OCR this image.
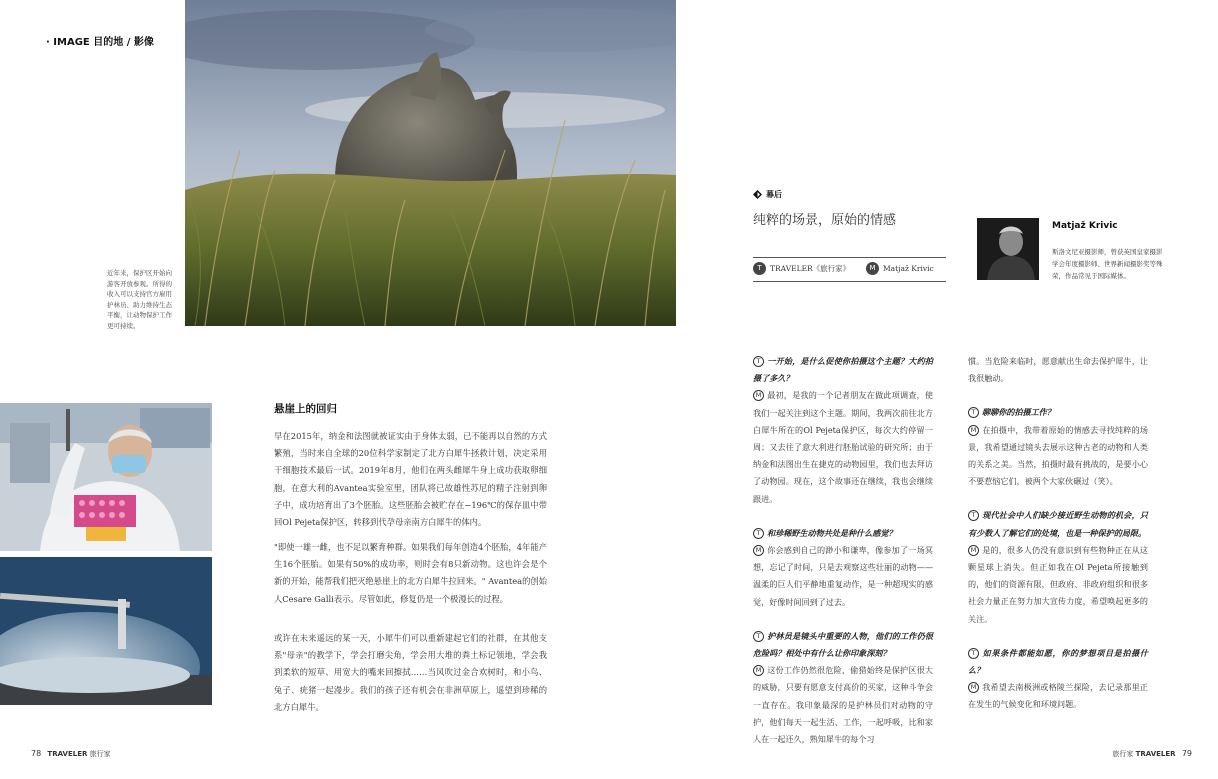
· IMAGE 目的地 / 影像
近年来，保护区开始向游客开放参观。所得的收入可以支持官方雇用护林员、助力维持生态平衡，让动物保护工作更可持续。
悬崖上的回归

早在2015年，纳金和法图就被证实由于身体太弱，已不能再以自然的方式繁殖，当时来自全球的20位科学家制定了北方白犀牛拯救计划，决定采用干细胞技术最后一试。2019年8月，他们在两头雌犀牛身上成功获取卵细胞，在意大利的Avantea实验室里，团队将已故雄性苏尼的精子注射到卵子中，成功培育出了3个胚胎。这些胚胎会被贮存在−196℃的保存皿中带回Ol Pejeta保护区，转移到代孕母亲南方白犀牛的体内。

"即使一雄一雌，也不足以繁育种群。如果我们每年创造4个胚胎，4年能产生16个胚胎。如果有50%的成功率，则时会有8只新动物。这也许会是个新的开始，能帮我们把灭绝悬崖上的北方白犀牛拉回来。" Avantea的创始人Cesare Galli表示。尽管如此，修复仍是一个极漫长的过程。

或许在未来遥远的某一天，小犀牛们可以重新建起它们的社群，在其他支系"母亲"的教学下，学会打磨尖角，学会用大堆的粪土标记领地，学会我到柔软的短草、用宽大的嘴来回擦拭……当风吹过金合欢树时，和小鸟、兔子、疣猪一起漫步。我们的孩子还有机会在非洲草原上，遥望到珍稀的北方白犀牛。

幕后
纯粹的场景，原始的情感
T	TRAVELER《旅行家》	M Matjaž Krivic
Matjaž Krivic
斯洛文尼亚摄影师，曾获英国皇家摄影学会年度摄影师、世界新闻摄影奖等殊荣，作品常见于国际媒体。
T 一开始，是什么促使你拍摄这个主题？大约拍摄了多久？
M 最初，是我的一个记者朋友在做此项调查，使我们一起关注到这个主题。期间，我两次前往北方白犀牛所在的Ol Pejeta保护区，每次大约停留一周；又去往了意大利进行胚胎试验的研究所；由于纳金和法图出生在捷克的动物园里，我们也去拜访了动物园。现在，这个故事还在继续，我也会继续跟进。
T 和珍稀野生动物共处是种什么感觉？
M 你会感到自己的渺小和谦卑，像参加了一场冥想，忘记了时间，只是去观察这些壮丽的动物——温柔的巨人们平静地重复动作，是一种超现实的感觉，好像时间回到了过去。
T 护林员是镜头中重要的人物，他们的工作仍很危险吗？相处中有什么让你印象深刻？
M 这份工作仍然很危险，偷猎始终是保护区很大的威胁，只要有愿意支付高价的买家，这种斗争会一直存在。我印象最深的是护林员们对动物的守护，他们每天一起生活、工作，一起呼吸，比和家人在一起还久，熟知犀牛的每个习
惯。当危险来临时，愿意献出生命去保护犀牛，让我很触动。
T 聊聊你的拍摄工作？
M 在拍摄中，我带着原始的情感去寻找纯粹的场景，我希望通过镜头去展示这种古老的动物和人类的关系之美。当然，拍摄时最有挑战的，是要小心不要惹恼它们，被两个大家伙碾过（笑）。
T 现代社会中人们缺少接近野生动物的机会，只有少数人了解它们的处境，也是一种保护的局限。
M 是的，很多人仍没有意识到有些物种正在从这颗星球上消失。但正如我在Ol Pejeta所接触到的，他们的资源有限，但政府、非政府组织和很多社会力量正在努力加大宣传力度，希望唤起更多的关注。
T 如果条件都能如愿，你的梦想项目是拍摄什么？
M 我希望去南极洲或格陵兰探险，去记录那里正在发生的气候变化和环境问题。
78 TRAVELER 旅行家	旅行家 TRAVELER 79
